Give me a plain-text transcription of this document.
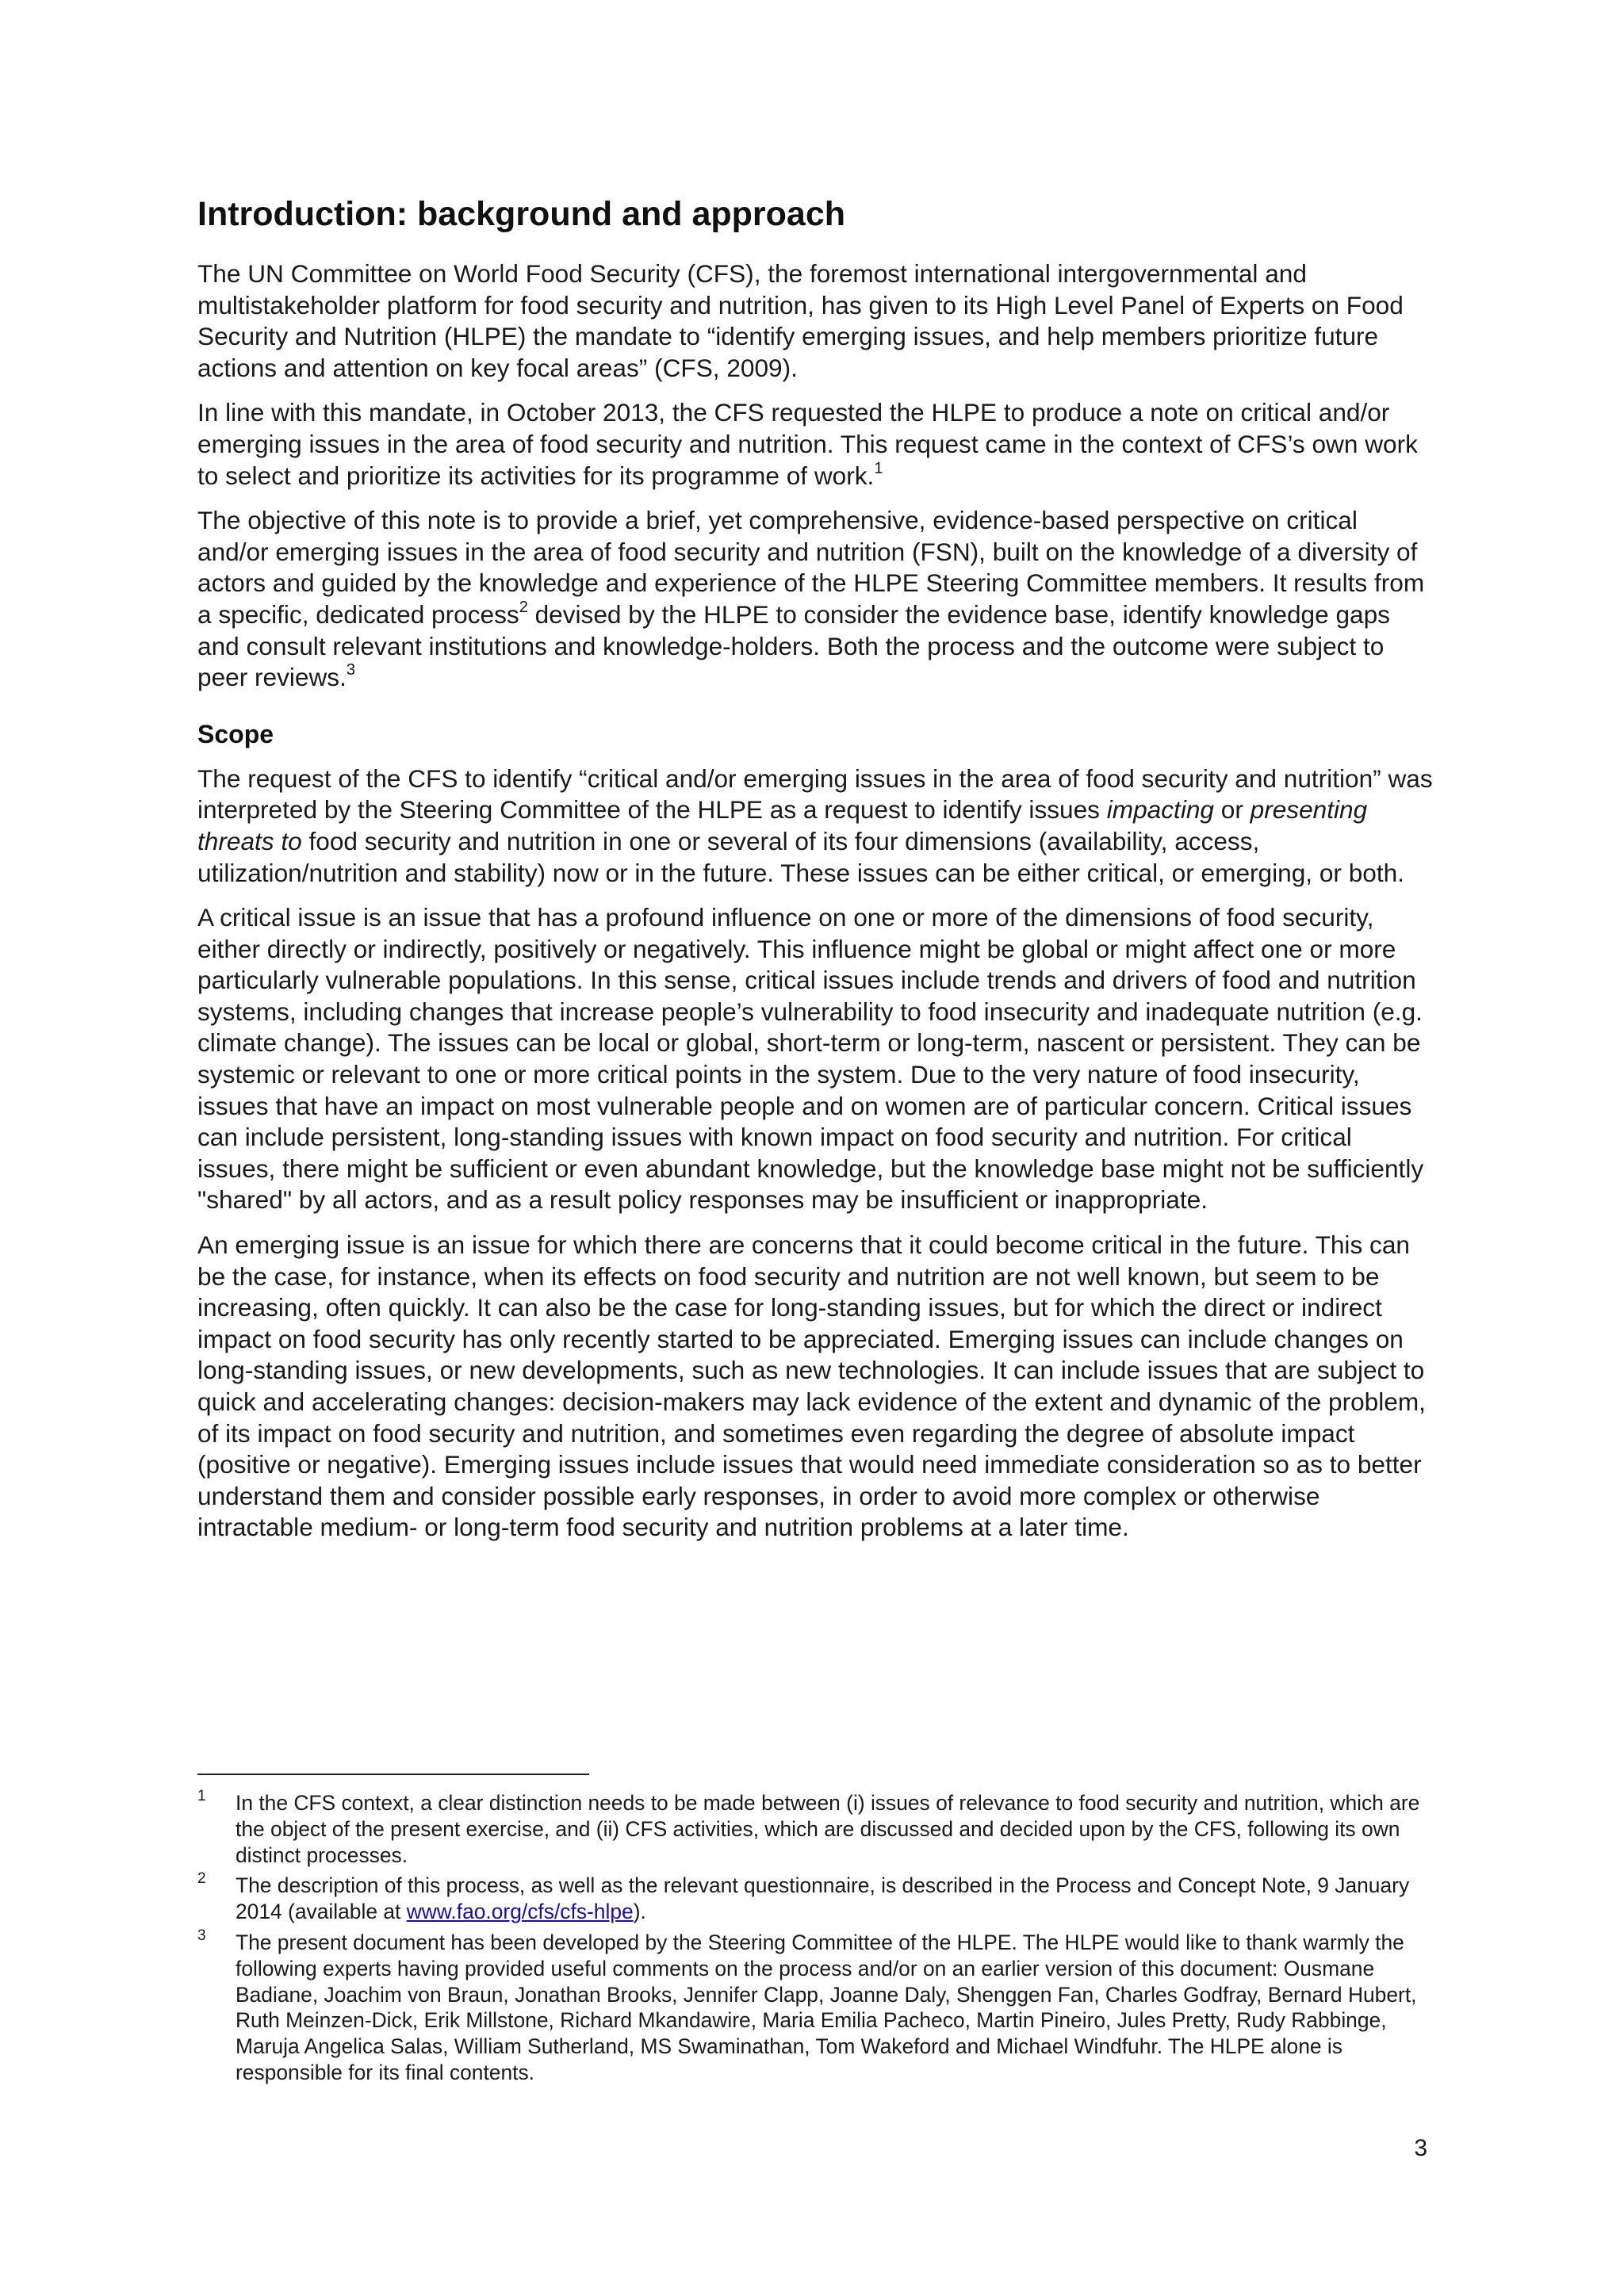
Introduction: background and approach

The UN Committee on World Food Security (CFS), the foremost international intergovernmental and multistakeholder platform for food security and nutrition, has given to its High Level Panel of Experts on Food Security and Nutrition (HLPE) the mandate to “identify emerging issues, and help members prioritize future actions and attention on key focal areas” (CFS, 2009).

In line with this mandate, in October 2013, the CFS requested the HLPE to produce a note on critical and/or emerging issues in the area of food security and nutrition. This request came in the context of CFS’s own work to select and prioritize its activities for its programme of work.$^1$

The objective of this note is to provide a brief, yet comprehensive, evidence-based perspective on critical and/or emerging issues in the area of food security and nutrition (FSN), built on the knowledge of a diversity of actors and guided by the knowledge and experience of the HLPE Steering Committee members. It results from a specific, dedicated process$^2$ devised by the HLPE to consider the evidence base, identify knowledge gaps and consult relevant institutions and knowledge-holders. Both the process and the outcome were subject to peer reviews.$^3$

Scope

The request of the CFS to identify “critical and/or emerging issues in the area of food security and nutrition” was interpreted by the Steering Committee of the HLPE as a request to identify issues impacting or presenting threats to food security and nutrition in one or several of its four dimensions (availability, access, utilization/nutrition and stability) now or in the future. These issues can be either critical, or emerging, or both.

A critical issue is an issue that has a profound influence on one or more of the dimensions of food security, either directly or indirectly, positively or negatively. This influence might be global or might affect one or more particularly vulnerable populations. In this sense, critical issues include trends and drivers of food and nutrition systems, including changes that increase people’s vulnerability to food insecurity and inadequate nutrition (e.g. climate change). The issues can be local or global, short-term or long-term, nascent or persistent. They can be systemic or relevant to one or more critical points in the system. Due to the very nature of food insecurity, issues that have an impact on most vulnerable people and on women are of particular concern. Critical issues can include persistent, long-standing issues with known impact on food security and nutrition. For critical issues, there might be sufficient or even abundant knowledge, but the knowledge base might not be sufficiently "shared" by all actors, and as a result policy responses may be insufficient or inappropriate.

An emerging issue is an issue for which there are concerns that it could become critical in the future. This can be the case, for instance, when its effects on food security and nutrition are not well known, but seem to be increasing, often quickly. It can also be the case for long-standing issues, but for which the direct or indirect impact on food security has only recently started to be appreciated. Emerging issues can include changes on long-standing issues, or new developments, such as new technologies. It can include issues that are subject to quick and accelerating changes: decision-makers may lack evidence of the extent and dynamic of the problem, of its impact on food security and nutrition, and sometimes even regarding the degree of absolute impact (positive or negative). Emerging issues include issues that would need immediate consideration so as to better understand them and consider possible early responses, in order to avoid more complex or otherwise intractable medium- or long-term food security and nutrition problems at a later time.

1 In the CFS context, a clear distinction needs to be made between (i) issues of relevance to food security and nutrition, which are the object of the present exercise, and (ii) CFS activities, which are discussed and decided upon by the CFS, following its own distinct processes.
2 The description of this process, as well as the relevant questionnaire, is described in the Process and Concept Note, 9 January 2014 (available at www.fao.org/cfs/cfs-hlpe).
3 The present document has been developed by the Steering Committee of the HLPE. The HLPE would like to thank warmly the following experts having provided useful comments on the process and/or on an earlier version of this document: Ousmane Badiane, Joachim von Braun, Jonathan Brooks, Jennifer Clapp, Joanne Daly, Shenggen Fan, Charles Godfray, Bernard Hubert, Ruth Meinzen-Dick, Erik Millstone, Richard Mkandawire, Maria Emilia Pacheco, Martin Pineiro, Jules Pretty, Rudy Rabbinge, Maruja Angelica Salas, William Sutherland, MS Swaminathan, Tom Wakeford and Michael Windfuhr. The HLPE alone is responsible for its final contents.
3
